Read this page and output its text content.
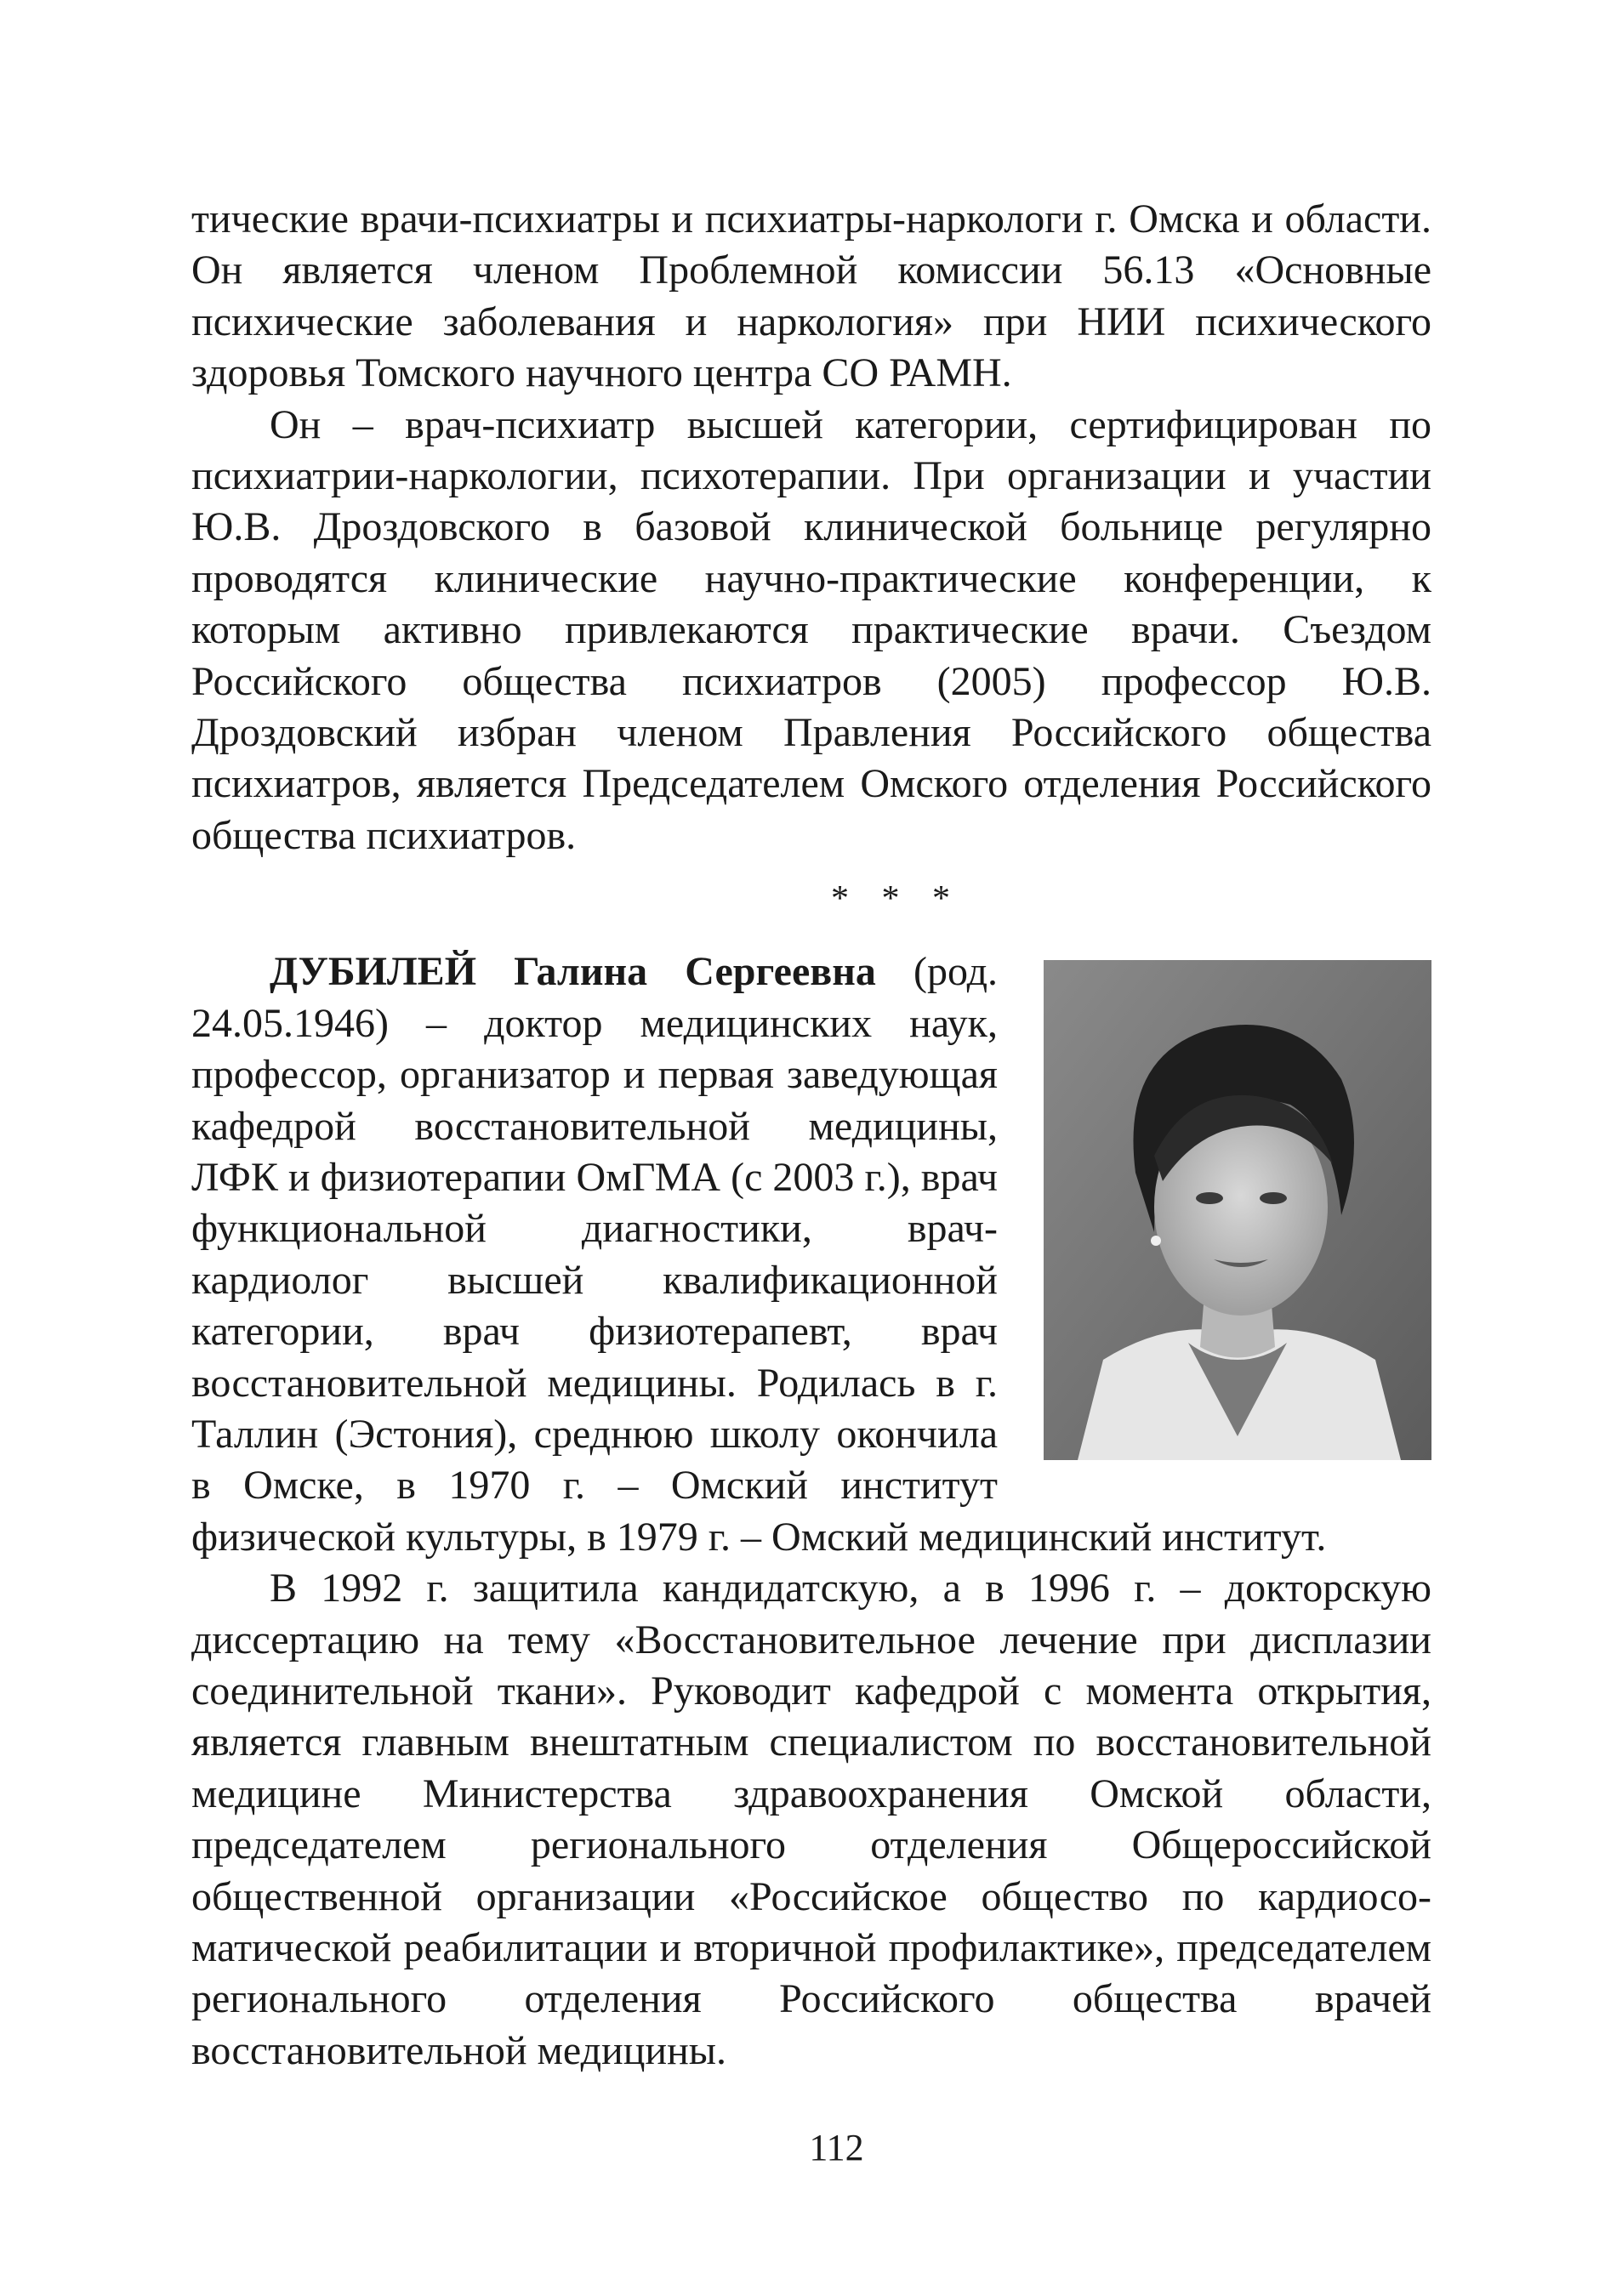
тические врачи-психиатры и психиатры-наркологи г. Омска и области. Он является членом Проблемной комиссии 56.13 «Основные психические заболевания и наркология» при НИИ психического здоровья Томского научного центра СО РАМН.

Он – врач-психиатр высшей категории, сертифицирован по психиатрии-наркологии, психотерапии. При организации и участии Ю.В. Дроздовского в базовой клинической больнице регулярно проводятся клинические научно-практические конференции, к которым активно привлекаются практические врачи. Съездом Российского общества психиатров (2005) профессор Ю.В. Дроздовский избран членом Правления Российского общества психиатров, является Председателем Омского отделения Российского общества психиатров.

* * *

ДУБИЛЕЙ Галина Сергеевна (род. 24.05.1946) – доктор медицинских наук, профессор, организатор и первая заведующая кафедрой восстановительной медицины, ЛФК и физиотерапии ОмГМА (с 2003 г.), врач функциональной диагностики, врач-кардиолог высшей квалификационной категории, врач физиотерапевт, врач восстановительной медицины. Родилась в г. Таллин (Эстония), среднюю школу окончила в Омске, в 1970 г. – Омский институт физической культуры, в 1979 г. – Омский медицинский институт.

В 1992 г. защитила кандидатскую, а в 1996 г. – докторскую диссертацию на тему «Восстановительное лечение при дисплазии соединительной ткани». Руководит кафедрой с момента открытия, является главным внештатным специалистом по восстановительной медицине Министерства здравоохранения Омской области, председателем регионального отделения Общероссийской общественной организации «Российское общество по кардиосоматической реабилитации и вторичной профилактике», председателем регионального отделения Российского общества врачей восстановительной медицины.

112
